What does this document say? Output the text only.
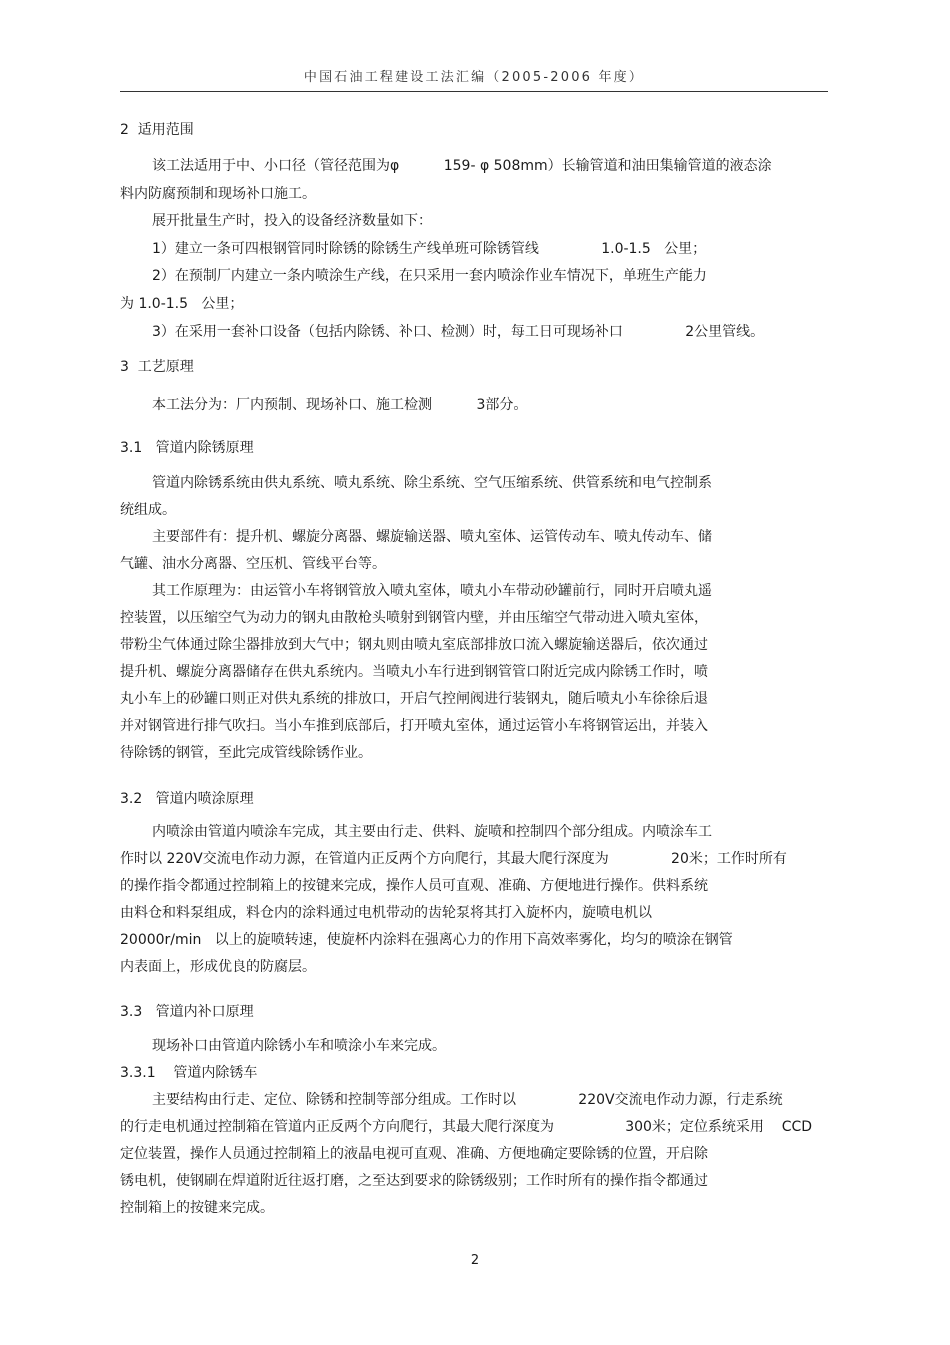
中国石油工程建设工法汇编（2005-2006 年度）
2  适用范围
该工法适用于中、小口径（管径范围为φ          159- φ 508mm）长输管道和油田集输管道的液态涂
料内防腐预制和现场补口施工。
展开批量生产时，投入的设备经济数量如下：
1）建立一条可四根钢管同时除锈的除锈生产线单班可除锈管线              1.0-1.5   公里；
2）在预制厂内建立一条内喷涂生产线，在只采用一套内喷涂作业车情况下，单班生产能力
为 1.0-1.5   公里；
3）在采用一套补口设备（包括内除锈、补口、检测）时，每工日可现场补口              2公里管线。
3  工艺原理
本工法分为：厂内预制、现场补口、施工检测          3部分。
3.1   管道内除锈原理
管道内除锈系统由供丸系统、喷丸系统、除尘系统、空气压缩系统、供管系统和电气控制系
统组成。
主要部件有：提升机、螺旋分离器、螺旋输送器、喷丸室体、运管传动车、喷丸传动车、储
气罐、油水分离器、空压机、管线平台等。
其工作原理为：由运管小车将钢管放入喷丸室体，喷丸小车带动砂罐前行，同时开启喷丸遥
控装置，以压缩空气为动力的钢丸由散枪头喷射到钢管内壁，并由压缩空气带动进入喷丸室体，
带粉尘气体通过除尘器排放到大气中；钢丸则由喷丸室底部排放口流入螺旋输送器后，依次通过
提升机、螺旋分离器储存在供丸系统内。当喷丸小车行进到钢管管口附近完成内除锈工作时，喷
丸小车上的砂罐口则正对供丸系统的排放口，开启气控闸阀进行装钢丸，随后喷丸小车徐徐后退
并对钢管进行排气吹扫。当小车推到底部后，打开喷丸室体，通过运管小车将钢管运出，并装入
待除锈的钢管，至此完成管线除锈作业。
3.2   管道内喷涂原理
内喷涂由管道内喷涂车完成，其主要由行走、供料、旋喷和控制四个部分组成。内喷涂车工
作时以 220V交流电作动力源，在管道内正反两个方向爬行，其最大爬行深度为              20米；工作时所有
的操作指令都通过控制箱上的按键来完成，操作人员可直观、准确、方便地进行操作。供料系统
由料仓和料泵组成，料仓内的涂料通过电机带动的齿轮泵将其打入旋杯内，旋喷电机以
20000r/min   以上的旋喷转速，使旋杯内涂料在强离心力的作用下高效率雾化，均匀的喷涂在钢管
内表面上，形成优良的防腐层。
3.3   管道内补口原理
现场补口由管道内除锈小车和喷涂小车来完成。
3.3.1    管道内除锈车
主要结构由行走、定位、除锈和控制等部分组成。工作时以              220V交流电作动力源，行走系统
的行走电机通过控制箱在管道内正反两个方向爬行，其最大爬行深度为                300米；定位系统采用    CCD
定位装置，操作人员通过控制箱上的液晶电视可直观、准确、方便地确定要除锈的位置，开启除
锈电机，使钢刷在焊道附近往返打磨，之至达到要求的除锈级别；工作时所有的操作指令都通过
控制箱上的按键来完成。
2
